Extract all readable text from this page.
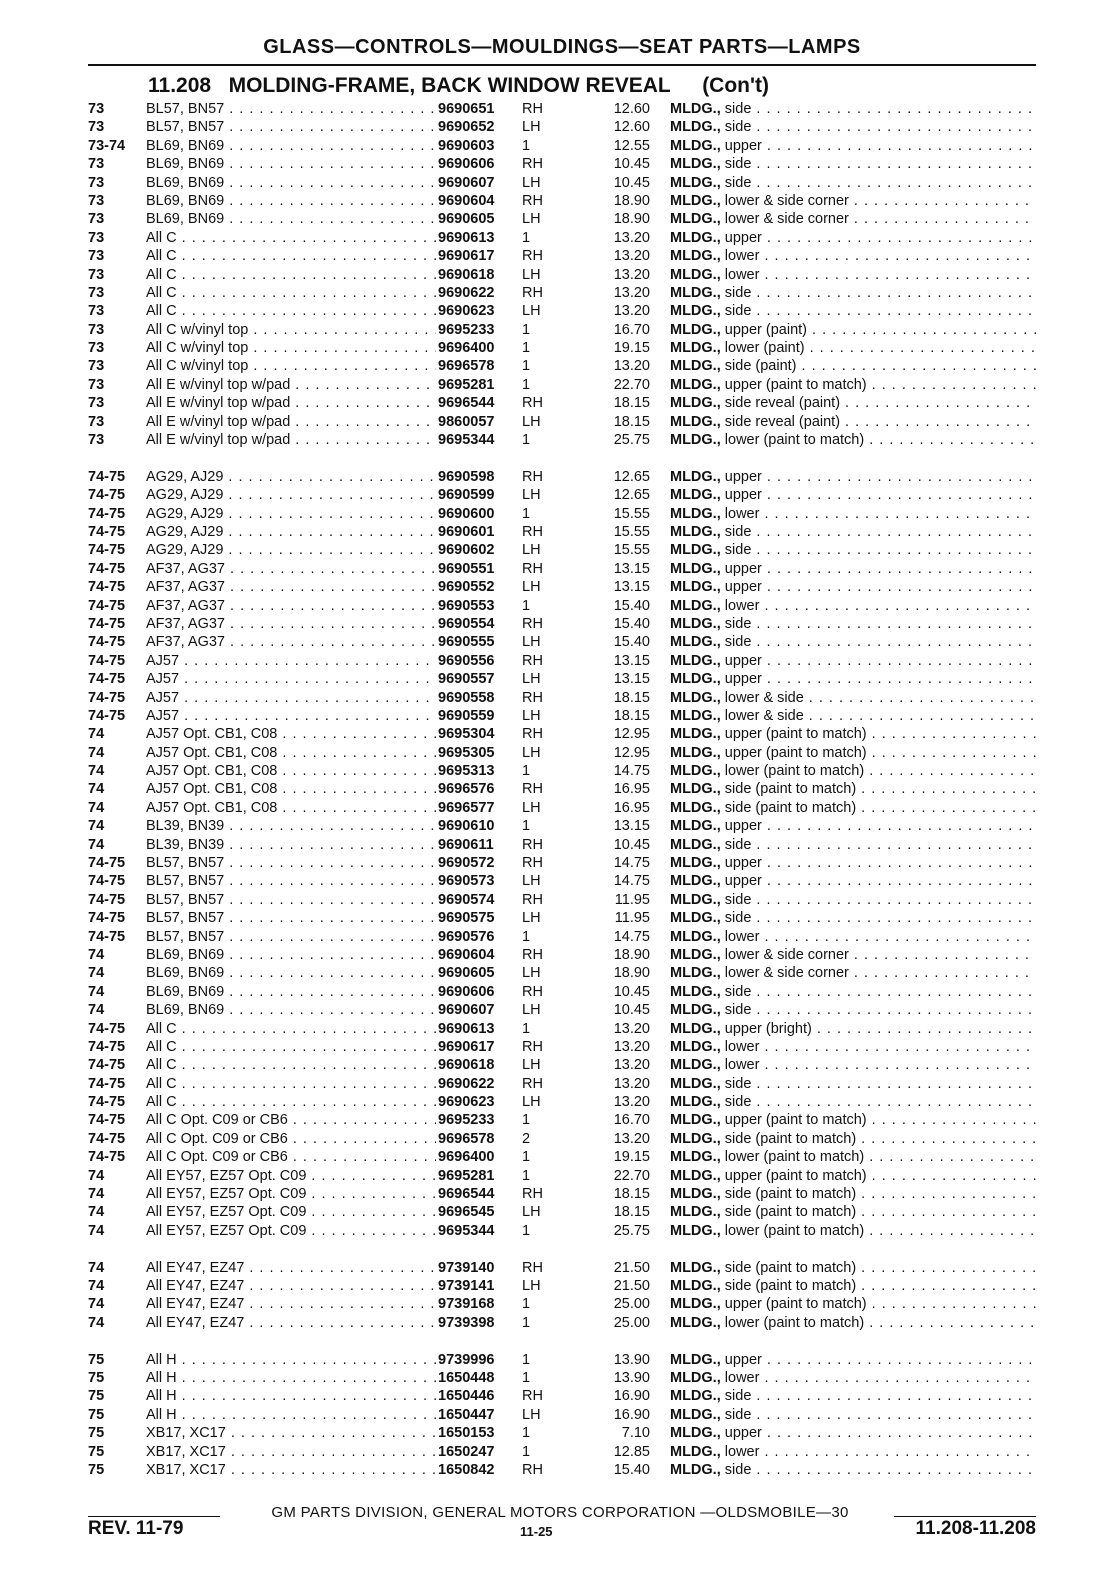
GLASS—CONTROLS—MOULDINGS—SEAT PARTS—LAMPS
11.208 MOLDING-FRAME, BACK WINDOW REVEAL (Con't)
73	BL57, BN57 . . .	9690651	RH	12.60 MLDG., side . . .
73	BL57, BN57 . . .	9690652	LH	12.60 MLDG., side . . .
73-74	BL69, BN69 . . .	9690603	1	12.55 MLDG., upper . . .
73	BL69, BN69 . . .	9690606	RH	10.45 MLDG., side . . .
73	BL69, BN69 . . .	9690607	LH	10.45 MLDG., side . . .
73	BL69, BN69 . . .	9690604	RH	18.90 MLDG., lower & side corner . . .
73	BL69, BN69 . . .	9690605	LH	18.90 MLDG., lower & side corner . . .
73	All C . . .	9690613	1	13.20 MLDG., upper . . .
73	All C . . .	9690617	RH	13.20 MLDG., lower . . .
73	All C . . .	9690618	LH	13.20 MLDG., lower . . .
73	All C . . .	9690622	RH	13.20 MLDG., side . . .
73	All C . . .	9690623	LH	13.20 MLDG., side . . .
73	All C w/vinyl top . . .	9695233	1	16.70 MLDG., upper (paint) . . .
73	All C w/vinyl top . . .	9696400	1	19.15 MLDG., lower (paint) . . .
73	All C w/vinyl top . . .	9696578	1	13.20 MLDG., side (paint) . . .
73	All E w/vinyl top w/pad . . .	9695281	1	22.70 MLDG., upper (paint to match) . . .
73	All E w/vinyl top w/pad . . .	9696544	RH	18.15 MLDG., side reveal (paint) . . .
73	All E w/vinyl top w/pad . . .	9860057	LH	18.15 MLDG., side reveal (paint) . . .
73	All E w/vinyl top w/pad . . .	9695344	1	25.75 MLDG., lower (paint to match) . . .
74-75	AG29, AJ29 . . .	9690598	RH	12.65 MLDG., upper . . .
74-75	AG29, AJ29 . . .	9690599	LH	12.65 MLDG., upper . . .
74-75	AG29, AJ29 . . .	9690600	1	15.55 MLDG., lower . . .
74-75	AG29, AJ29 . . .	9690601	RH	15.55 MLDG., side . . .
74-75	AG29, AJ29 . . .	9690602	LH	15.55 MLDG., side . . .
74-75	AF37, AG37 . . .	9690551	RH	13.15 MLDG., upper . . .
74-75	AF37, AG37 . . .	9690552	LH	13.15 MLDG., upper . . .
74-75	AF37, AG37 . . .	9690553	1	15.40 MLDG., lower . . .
74-75	AF37, AG37 . . .	9690554	RH	15.40 MLDG., side . . .
74-75	AF37, AG37 . . .	9690555	LH	15.40 MLDG., side . . .
74-75	AJ57 . . .	9690556	RH	13.15 MLDG., upper . . .
74-75	AJ57 . . .	9690557	LH	13.15 MLDG., upper . . .
74-75	AJ57 . . .	9690558	RH	18.15 MLDG., lower & side . . .
74-75	AJ57 . . .	9690559	LH	18.15 MLDG., lower & side . . .
74	AJ57 Opt. CB1, C08 . . .	9695304	RH	12.95 MLDG., upper (paint to match) . . .
74	AJ57 Opt. CB1, C08 . . .	9695305	LH	12.95 MLDG., upper (paint to match) . . .
74	AJ57 Opt. CB1, C08 . . .	9695313	1	14.75 MLDG., lower (paint to match) . . .
74	AJ57 Opt. CB1, C08 . . .	9696576	RH	16.95 MLDG., side (paint to match) . . .
74	AJ57 Opt. CB1, C08 . . .	9696577	LH	16.95 MLDG., side (paint to match) . . .
74	BL39, BN39 . . .	9690610	1	13.15 MLDG., upper . . .
74	BL39, BN39 . . .	9690611	RH	10.45 MLDG., side . . .
74-75	BL57, BN57 . . .	9690572	RH	14.75 MLDG., upper . . .
74-75	BL57, BN57 . . .	9690573	LH	14.75 MLDG., upper . . .
74-75	BL57, BN57 . . .	9690574	RH	11.95 MLDG., side . . .
74-75	BL57, BN57 . . .	9690575	LH	11.95 MLDG., side . . .
74-75	BL57, BN57 . . .	9690576	1	14.75 MLDG., lower . . .
74	BL69, BN69 . . .	9690604	RH	18.90 MLDG., lower & side corner . . .
74	BL69, BN69 . . .	9690605	LH	18.90 MLDG., lower & side corner . . .
74	BL69, BN69 . . .	9690606	RH	10.45 MLDG., side . . .
74	BL69, BN69 . . .	9690607	LH	10.45 MLDG., side . . .
74-75	All C . . .	9690613	1	13.20 MLDG., upper (bright) . . .
74-75	All C . . .	9690617	RH	13.20 MLDG., lower . . .
74-75	All C . . .	9690618	LH	13.20 MLDG., lower . . .
74-75	All C . . .	9690622	RH	13.20 MLDG., side . . .
74-75	All C . . .	9690623	LH	13.20 MLDG., side . . .
74-75	All C Opt. C09 or CB6 . . .	9695233	1	16.70 MLDG., upper (paint to match) . . .
74-75	All C Opt. C09 or CB6 . . .	9696578	2	13.20 MLDG., side (paint to match) . . .
74-75	All C Opt. C09 or CB6 . . .	9696400	1	19.15 MLDG., lower (paint to match) . . .
74	All EY57, EZ57 Opt. C09 . . .	9695281	1	22.70 MLDG., upper (paint to match) . . .
74	All EY57, EZ57 Opt. C09 . . .	9696544	RH	18.15 MLDG., side (paint to match) . . .
74	All EY57, EZ57 Opt. C09 . . .	9696545	LH	18.15 MLDG., side (paint to match) . . .
74	All EY57, EZ57 Opt. C09 . . .	9695344	1	25.75 MLDG., lower (paint to match) . . .
74	All EY47, EZ47 . . .	9739140	RH	21.50 MLDG., side (paint to match) . . .
74	All EY47, EZ47 . . .	9739141	LH	21.50 MLDG., side (paint to match) . . .
74	All EY47, EZ47 . . .	9739168	1	25.00 MLDG., upper (paint to match) . . .
74	All EY47, EZ47 . . .	9739398	1	25.00 MLDG., lower (paint to match) . . .
75	All H . . .	9739996	1	13.90 MLDG., upper . . .
75	All H . . .	1650448	1	13.90 MLDG., lower . . .
75	All H . . .	1650446	RH	16.90 MLDG., side . . .
75	All H . . .	1650447	LH	16.90 MLDG., side . . .
75	XB17, XC17 . . .	1650153	1	7.10 MLDG., upper . . .
75	XB17, XC17 . . .	1650247	1	12.85 MLDG., lower . . .
75	XB17, XC17 . . .	1650842	RH	15.40 MLDG., side . . .
GM PARTS DIVISION, GENERAL MOTORS CORPORATION —OLDSMOBILE—30
REV. 11-79	11-25	11.208-11.208
